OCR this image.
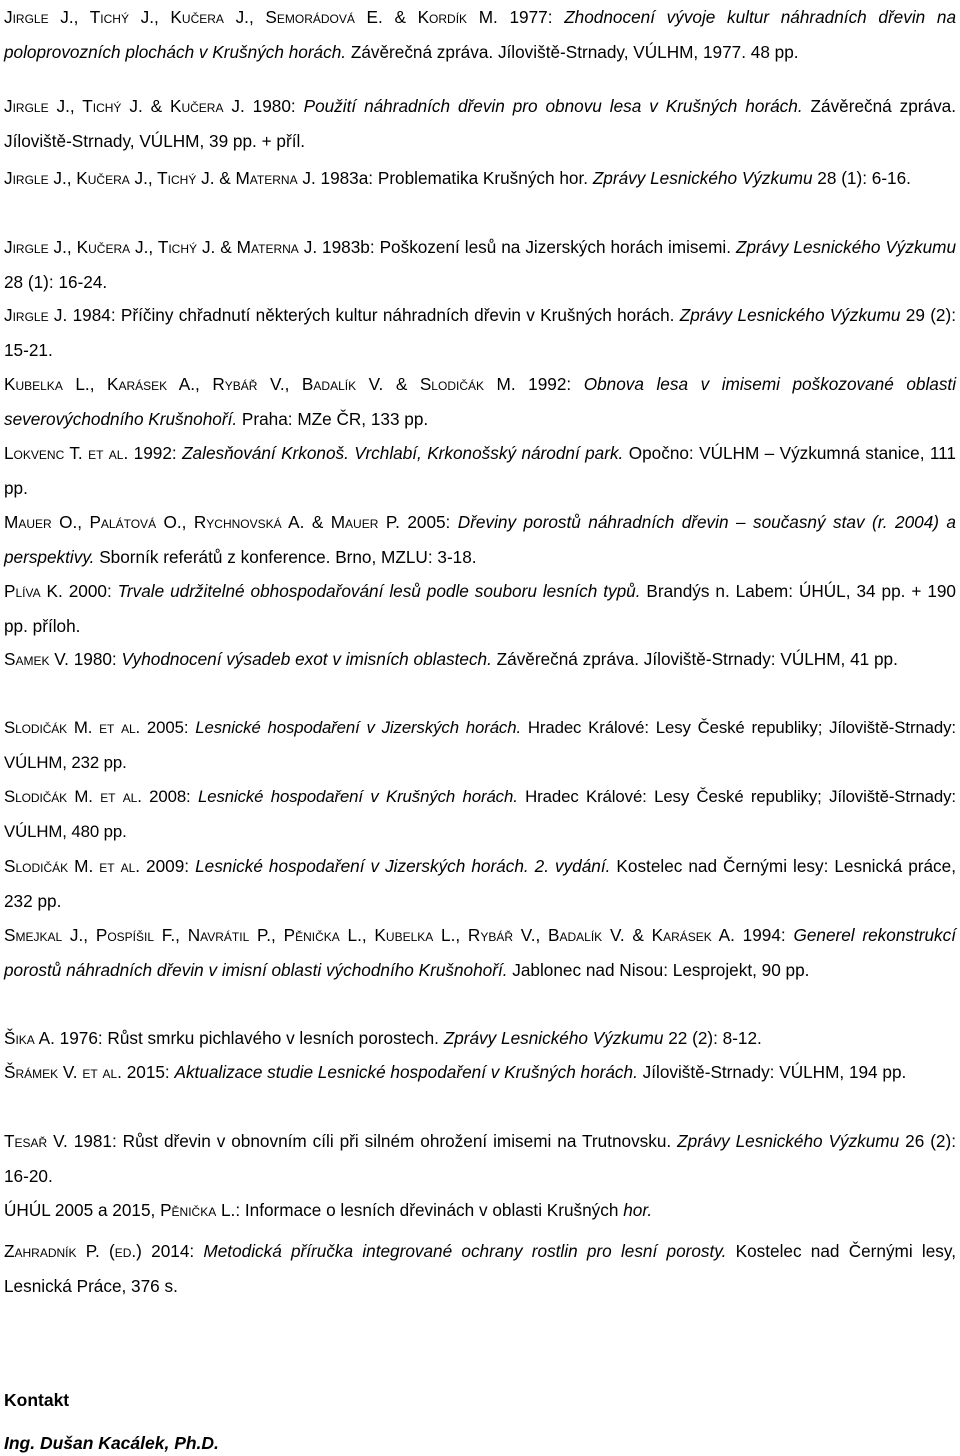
Jirgle J., Tichý J., Kučera J., Semorádová E. & Kordík M. 1977: Zhodnocení vývoje kultur náhradních dřevin na poloprovozních plochách v Krušných horách. Závěrečná zpráva. Jíloviště-Strnady, VÚLHM, 1977. 48 pp.

Jirgle J., Tichý J. & Kučera J. 1980: Použití náhradních dřevin pro obnovu lesa v Krušných horách. Závěrečná zpráva. Jíloviště-Strnady, VÚLHM, 39 pp. + příl.

Jirgle J., Kučera J., Tichý J. & Materna J. 1983a: Problematika Krušných hor. Zprávy Lesnického Výzkumu 28 (1): 6-16.

Jirgle J., Kučera J., Tichý J. & Materna J. 1983b: Poškození lesů na Jizerských horách imisemi. Zprávy Lesnického Výzkumu 28 (1): 16-24.

Jirgle J. 1984: Příčiny chřadnutí některých kultur náhradních dřevin v Krušných horách. Zprávy Lesnického Výzkumu 29 (2): 15-21.

Kubelka L., Karásek A., Rybář V., Badalík V. & Slodičák M. 1992: Obnova lesa v imisemi poškozované oblasti severovýchodního Krušnohoří. Praha: MZe ČR, 133 pp.

Lokvenc T. et al. 1992: Zalesňování Krkonoš. Vrchlabí, Krkonošský národní park. Opočno: VÚLHM – Výzkumná stanice, 111 pp.

Mauer O., Palátová O., Rychnovská A. & Mauer P. 2005: Dřeviny porostů náhradních dřevin – současný stav (r. 2004) a perspektivy. Sborník referátů z konference. Brno, MZLU: 3-18.

Plíva K. 2000: Trvale udržitelné obhospodařování lesů podle souboru lesních typů. Brandýs n. Labem: ÚHÚL, 34 pp. + 190 pp. příloh.

Samek V. 1980: Vyhodnocení výsadeb exot v imisních oblastech. Závěrečná zpráva. Jíloviště-Strnady: VÚLHM, 41 pp.

Slodičák M. et al. 2005: Lesnické hospodaření v Jizerských horách. Hradec Králové: Lesy České republiky; Jíloviště-Strnady: VÚLHM, 232 pp.

Slodičák M. et al. 2008: Lesnické hospodaření v Krušných horách. Hradec Králové: Lesy České republiky; Jíloviště-Strnady: VÚLHM, 480 pp.

Slodičák M. et al. 2009: Lesnické hospodaření v Jizerských horách. 2. vydání. Kostelec nad Černými lesy: Lesnická práce, 232 pp.

Smejkal J., Pospíšil F., Navrátil P., Pěnička L., Kubelka L., Rybář V., Badalík V. & Karásek A. 1994: Generel rekonstrukcí porostů náhradních dřevin v imisní oblasti východního Krušnohoří. Jablonec nad Nisou: Lesprojekt, 90 pp.

Šika A. 1976: Růst smrku pichlavého v lesních porostech. Zprávy Lesnického Výzkumu 22 (2): 8-12.

Šrámek V. et al. 2015: Aktualizace studie Lesnické hospodaření v Krušných horách. Jíloviště-Strnady: VÚLHM, 194 pp.

Tesař V. 1981: Růst dřevin v obnovním cíli při silném ohrožení imisemi na Trutnovsku. Zprávy Lesnického Výzkumu 26 (2): 16-20.

ÚHÚL 2005 a 2015, Pěnička L.: Informace o lesních dřevinách v oblasti Krušných hor.

Zahradník P. (ed.) 2014: Metodická příručka integrované ochrany rostlin pro lesní porosty. Kostelec nad Černými lesy, Lesnická Práce, 376 s.

Kontakt

Ing. Dušan Kacálek, Ph.D.
